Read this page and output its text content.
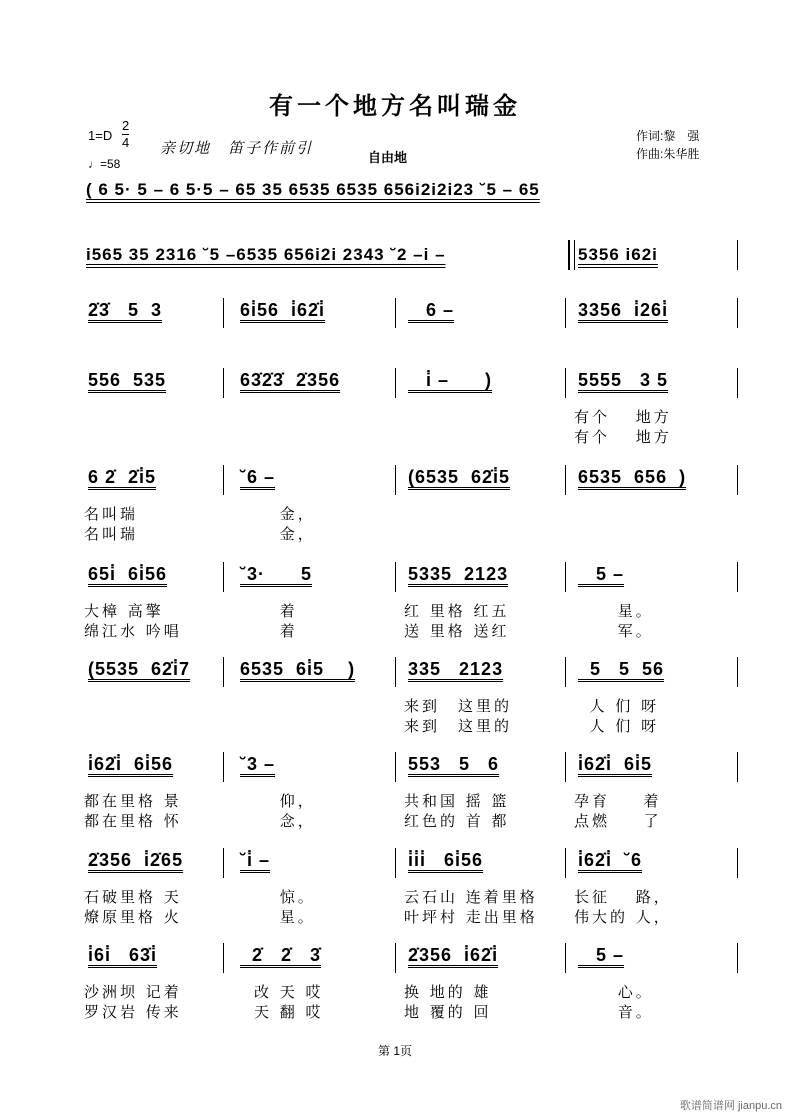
有一个地方名叫瑞金
1=D
2
4
♩=58
亲切地　笛子作前引
自由地
作词:黎　强
作曲:朱华胜
( 6 5· 5 – 6 5·5 – 65 35 6535 6535 656i2i2i23 ˘5 – 65
i565 35 2316 ˘5 –6535 656i2i 2343 ˘2 –i –	5356 i62i
2̇3̇   5  3	6i̇56  i̇62̇i̇	6 –	3356  i̇26i̇
556  535	63̇2̇3̇  2̇356	i̇ –      )	5555   3 5
有个　 地方
有个　 地方
6 2̇  2̇i̇5
名叫瑞
名叫瑞
˘6 –
　　 金，
　　 金，
(6535  62̇i̇5	6535  656  )
65i̇  6i̇56
大樟 高擎
绵江水 吟唱
˘3·      5
　　 着
　　 着
5335  2123
红 里格 红五
送 里格 送红
5 –
　　 星。
　　 军。
(5535  62̇i̇7	6535  6i̇5    )	335   2123
来到　这里的
来到　这里的
5   5  56
人 们 呀
人 们 呀
i̇62̇i̇  6i̇56
都在里格 景
都在里格 怀
˘3 –
　　 仰，
　　 念，
553   5   6
共和国 摇 篮
红色的 首 都
i̇62̇i̇  6i̇5
孕育 　 着
点燃 　 了
2̇356  i̇2̇65
石破里格 天
燎原里格 火
˘i̇ –
　　 惊。
　　 星。
i̇i̇i̇   6i̇56
云石山 连着里格
叶坪村 走出里格
i̇62̇i̇  ˘6
长征　 路，
伟大的 人，
i̇6i̇   63̇i̇
沙洲坝 记着
罗汉岩 传来
2̇   2̇   3̇
　改 天 哎
　天 翻 哎
2̇356  i̇62̇i̇
换 地的 雄
地 覆的 回
5 –
　　 心。
　　 音。
第 1页
歌谱简谱网 jianpu.cn
